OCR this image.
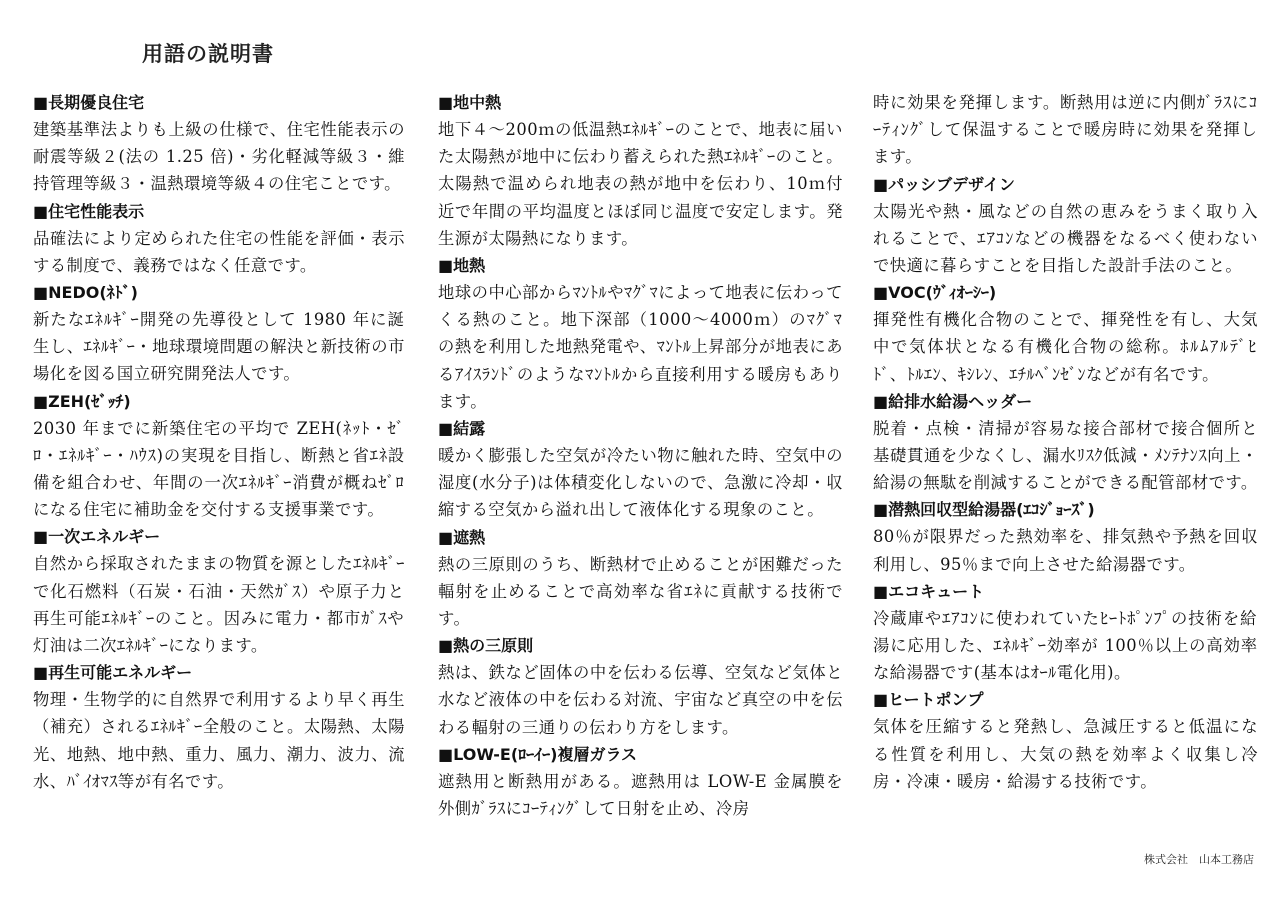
用語の説明書
■長期優良住宅
建築基準法よりも上級の仕様で、住宅性能表示の耐震等級２(法の 1.25 倍)・劣化軽減等級３・維持管理等級３・温熱環境等級４の住宅ことです。
■住宅性能表示
品確法により定められた住宅の性能を評価・表示する制度で、義務ではなく任意です。
■NEDO(ﾈﾄﾞ)
新たなｴﾈﾙｷﾞｰ開発の先導役として 1980 年に誕生し、ｴﾈﾙｷﾞｰ・地球環境問題の解決と新技術の市場化を図る国立研究開発法人です。
■ZEH(ｾﾞｯﾁ)
2030 年までに新築住宅の平均で ZEH(ﾈｯﾄ・ｾﾞﾛ・ｴﾈﾙｷﾞｰ・ﾊｳｽ)の実現を目指し、断熱と省ｴﾈ設備を組合わせ、年間の一次ｴﾈﾙｷﾞｰ消費が概ねｾﾞﾛになる住宅に補助金を交付する支援事業です。
■一次エネルギー
自然から採取されたままの物質を源としたｴﾈﾙｷﾞｰで化石燃料（石炭・石油・天然ｶﾞｽ）や原子力と再生可能ｴﾈﾙｷﾞｰのこと。因みに電力・都市ｶﾞｽや灯油は二次ｴﾈﾙｷﾞｰになります。
■再生可能エネルギー
物理・生物学的に自然界で利用するより早く再生（補充）されるｴﾈﾙｷﾞｰ全般のこと。太陽熱、太陽光、地熱、地中熱、重力、風力、潮力、波力、流水、ﾊﾞｲｵﾏｽ等が有名です。
■地中熱
地下４～200ｍの低温熱ｴﾈﾙｷﾞｰのことで、地表に届いた太陽熱が地中に伝わり蓄えられた熱ｴﾈﾙｷﾞｰのこと。太陽熱で温められ地表の熱が地中を伝わり、10ｍ付近で年間の平均温度とほぼ同じ温度で安定します。発生源が太陽熱になります。
■地熱
地球の中心部からﾏﾝﾄﾙやﾏｸﾞﾏによって地表に伝わってくる熱のこと。地下深部（1000～4000ｍ）のﾏｸﾞﾏの熱を利用した地熱発電や、ﾏﾝﾄﾙ上昇部分が地表にあるｱｲｽﾗﾝﾄﾞのようなﾏﾝﾄﾙから直接利用する暖房もあります。
■結露
暖かく膨張した空気が冷たい物に触れた時、空気中の湿度(水分子)は体積変化しないので、急激に冷却・収縮する空気から溢れ出して液体化する現象のこと。
■遮熱
熱の三原則のうち、断熱材で止めることが困難だった輻射を止めることで高効率な省ｴﾈに貢献する技術です。
■熱の三原則
熱は、鉄など固体の中を伝わる伝導、空気など気体と水など液体の中を伝わる対流、宇宙など真空の中を伝わる輻射の三通りの伝わり方をします。
■LOW-E(ﾛｰｲｰ)複層ガラス
遮熱用と断熱用がある。遮熱用は LOW-E 金属膜を外側ｶﾞﾗｽにｺｰﾃｨﾝｸﾞして日射を止め、冷房
時に効果を発揮します。断熱用は逆に内側ｶﾞﾗｽにｺｰﾃｨﾝｸﾞして保温することで暖房時に効果を発揮します。
■パッシブデザイン
太陽光や熱・風などの自然の恵みをうまく取り入れることで、ｴｱｺﾝなどの機器をなるべく使わないで快適に暮らすことを目指した設計手法のこと。
■VOC(ｳﾞｨｵｰｼｰ)
揮発性有機化合物のことで、揮発性を有し、大気中で気体状となる有機化合物の総称。ﾎﾙﾑｱﾙﾃﾞﾋﾄﾞ、ﾄﾙｴﾝ、ｷｼﾚﾝ、ｴﾁﾙﾍﾞﾝｾﾞﾝなどが有名です。
■給排水給湯ヘッダー
脱着・点検・清掃が容易な接合部材で接合個所と基礎貫通を少なくし、漏水ﾘｽｸ低減・ﾒﾝﾃﾅﾝｽ向上・給湯の無駄を削減することができる配管部材です。
■潜熱回収型給湯器(ｴｺｼﾞｮｰｽﾞ)
80％が限界だった熱効率を、排気熱や予熱を回収利用し、95％まで向上させた給湯器です。
■エコキュート
冷蔵庫やｴｱｺﾝに使われていたﾋｰﾄﾎﾟﾝﾌﾟの技術を給湯に応用した、ｴﾈﾙｷﾞｰ効率が 100％以上の高効率な給湯器です(基本はｵｰﾙ電化用)。
■ヒートポンプ
気体を圧縮すると発熱し、急減圧すると低温になる性質を利用し、大気の熱を効率よく収集し冷房・冷凍・暖房・給湯する技術です。
株式会社　山本工務店
